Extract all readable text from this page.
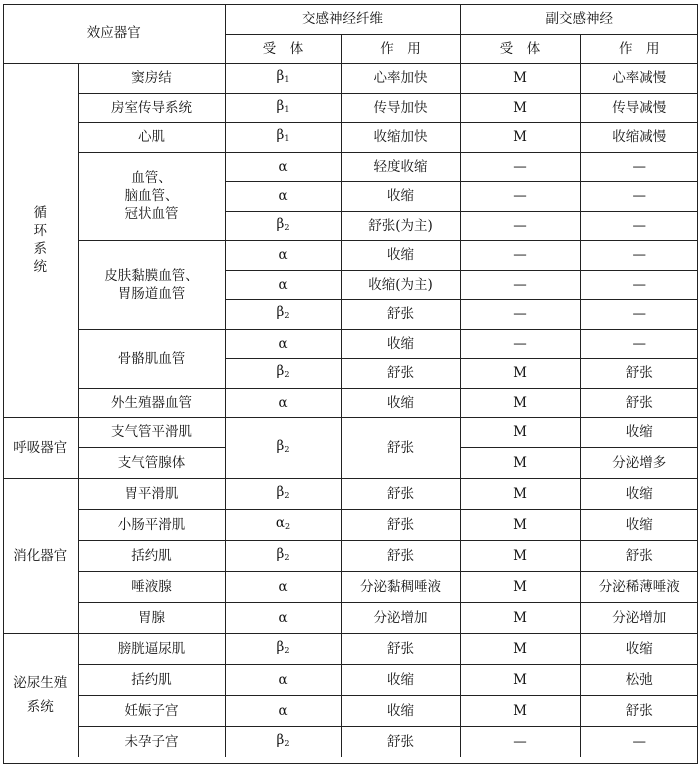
效应器官		交感神经纤维		副交感神经	
		受　体	作　用	受　体	作　用

循
环
系
统	窦房结	$\beta_1$	心率加快	M	心率减慢
	房室传导系统	$\beta_1$	传导加快	M	传导减慢
	心肌	$\beta_1$	收缩加快	M	收缩减慢

	血管、
脑血管、
冠状血管	α	轻度收缩	—	—
		α	收缩	—	—
		$\beta_2$	舒张(为主)	—	—

	皮肤黏膜血管、
胃肠道血管	α	收缩	—	—
		α	收缩(为主)	—	—
		$\beta_2$	舒张	—	—
	骨骼肌血管	α	收缩	—	—
		$\beta_2$	舒张	M	舒张
	外生殖器血管	α	收缩	M	舒张
呼吸器官	支气管平滑肌	$\beta_2$	舒张	M	收缩
	支气管腺体			M	分泌增多
消化器官	胃平滑肌	$\beta_2$	舒张	M	收缩
	小肠平滑肌	$\alpha_2$	舒张	M	收缩
	括约肌	$\beta_2$	舒张	M	舒张
	唾液腺	α	分泌黏稠唾液	M	分泌稀薄唾液
	胃腺	α	分泌增加	M	分泌增加

泌尿生殖
系统	膀胱逼尿肌	$\beta_2$	舒张	M	收缩
	括约肌	α	收缩	M	松弛
	妊娠子宫	α	收缩	M	舒张
	未孕子宫	$\beta_2$	舒张	—	—
